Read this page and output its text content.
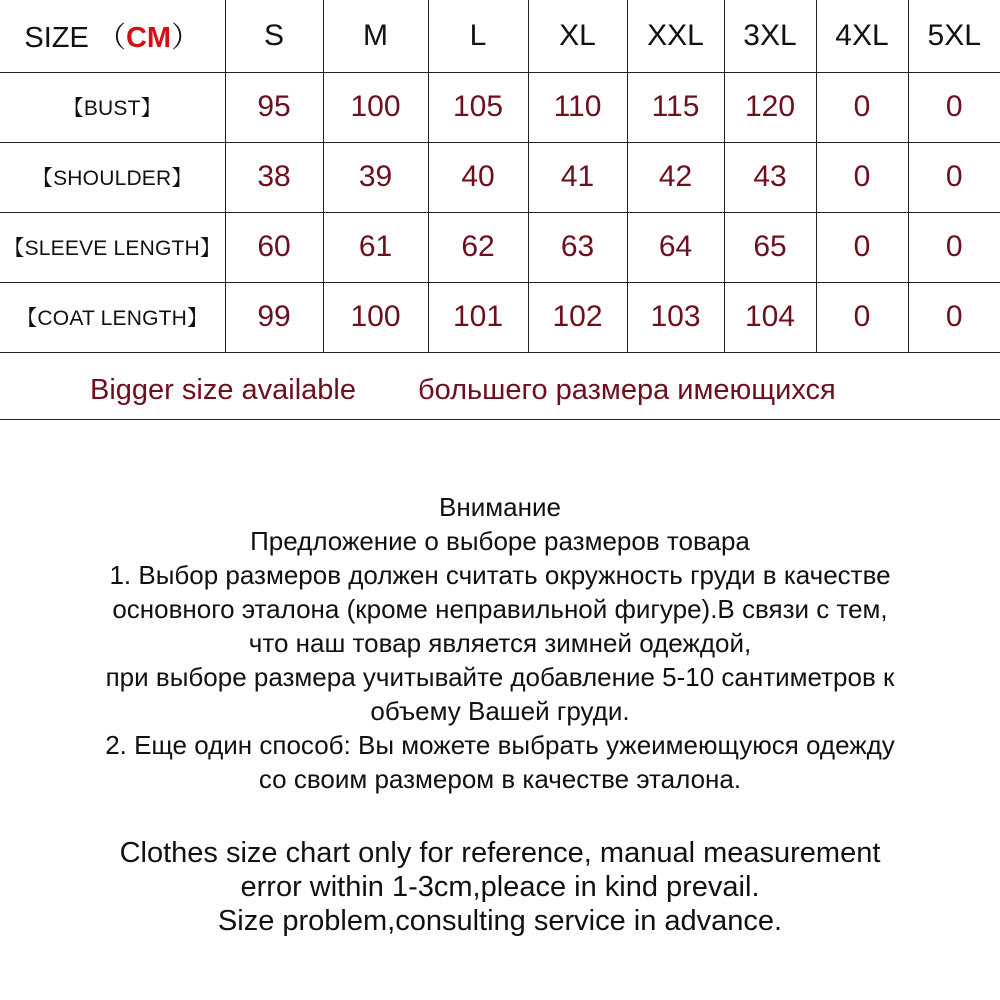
SIZE （CM）	S	M	L	XL	XXL	3XL	4XL	5XL
【BUST】	95	100	105	110	115	120	0	0
【SHOULDER】	38	39	40	41	42	43	0	0
【SLEEVE LENGTH】	60	61	62	63	64	65	0	0
【COAT LENGTH】	99	100	101	102	103	104	0	0
Bigger size available большего размера имеющихся
Внимание
Предложение о выборе размеров товара
1. Выбор размеров должен считать окружность груди в качестве
основного эталона (кроме неправильной фигуре).В связи с тем,
что наш товар является зимней одеждой,
при выборе размера учитывайте добавление 5-10 сантиметров к
объему Вашей груди.
2. Еще один способ: Вы можете выбрать ужеимеющуюся одежду
со своим размером в качестве эталона.
Clothes size chart only for reference, manual measurement
error within 1-3cm,pleace in kind prevail.
Size problem,consulting service in advance.
